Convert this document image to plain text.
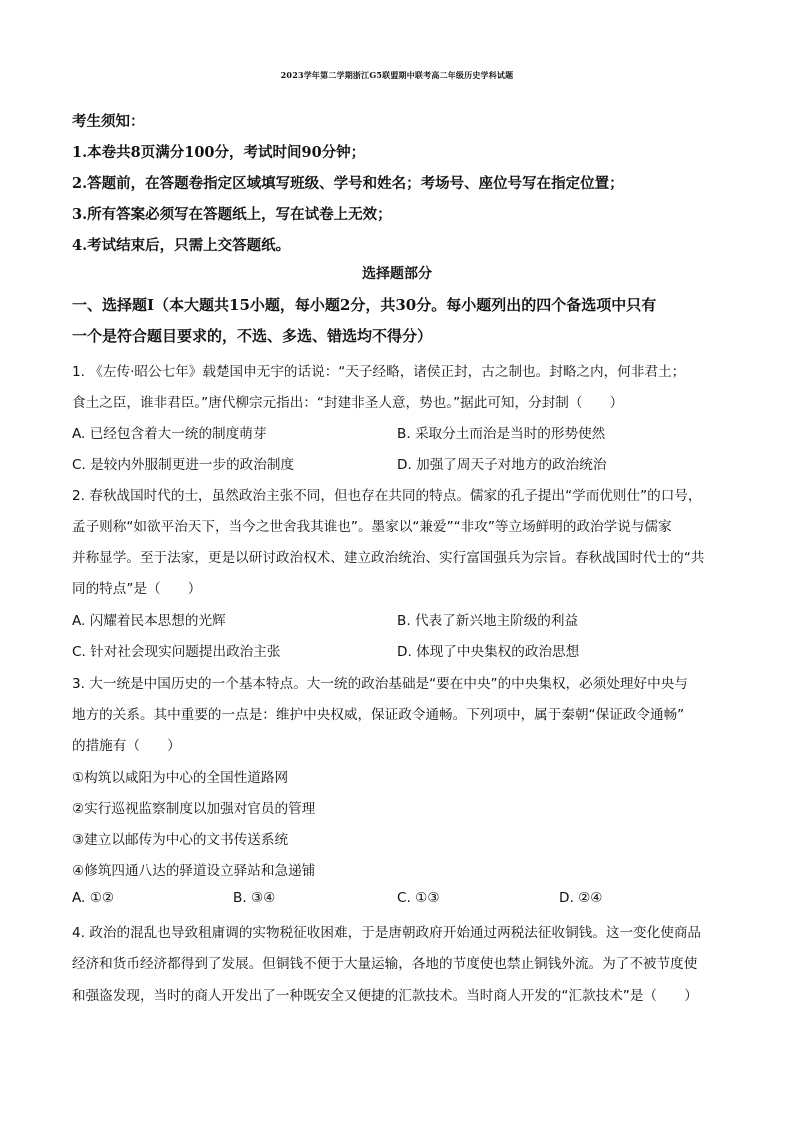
2023学年第二学期浙江G5联盟期中联考高二年级历史学科试题
考生须知：
1.本卷共8页满分100分，考试时间90分钟；
2.答题前，在答题卷指定区域填写班级、学号和姓名；考场号、座位号写在指定位置；
3.所有答案必须写在答题纸上，写在试卷上无效；
4.考试结束后，只需上交答题纸。
选择题部分
一、选择题Ⅰ（本大题共15小题，每小题2分，共30分。每小题列出的四个备选项中只有
一个是符合题目要求的，不选、多选、错选均不得分）
1. 《左传·昭公七年》载楚国申无宇的话说：“天子经略，诸侯正封，古之制也。封略之内，何非君土；
食土之臣，谁非君臣。”唐代柳宗元指出：“封建非圣人意，势也。”据此可知，分封制（　　）
A. 已经包含着大一统的制度萌芽	B. 采取分土而治是当时的形势使然
C. 是较内外服制更进一步的政治制度	D. 加强了周天子对地方的政治统治
2. 春秋战国时代的士，虽然政治主张不同，但也存在共同的特点。儒家的孔子提出“学而优则仕”的口号，
孟子则称“如欲平治天下，当今之世舍我其谁也”。墨家以“兼爱”“非攻”等立场鲜明的政治学说与儒家
并称显学。至于法家，更是以研讨政治权术、建立政治统治、实行富国强兵为宗旨。春秋战国时代士的“共
同的特点”是（　　）
A. 闪耀着民本思想的光辉	B. 代表了新兴地主阶级的利益
C. 针对社会现实问题提出政治主张	D. 体现了中央集权的政治思想
3. 大一统是中国历史的一个基本特点。大一统的政治基础是“要在中央”的中央集权，必须处理好中央与
地方的关系。其中重要的一点是：维护中央权威，保证政令通畅。下列项中，属于秦朝“保证政令通畅”
的措施有（　　）
①构筑以咸阳为中心的全国性道路网
②实行巡视监察制度以加强对官员的管理
③建立以邮传为中心的文书传送系统
④修筑四通八达的驿道设立驿站和急递铺
A. ①②	B. ③④	C. ①③	D. ②④
4. 政治的混乱也导致租庸调的实物税征收困难，于是唐朝政府开始通过两税法征收铜钱。这一变化使商品
经济和货币经济都得到了发展。但铜钱不便于大量运输，各地的节度使也禁止铜钱外流。为了不被节度使
和强盗发现，当时的商人开发出了一种既安全又便捷的汇款技术。当时商人开发的“汇款技术”是（　　）
